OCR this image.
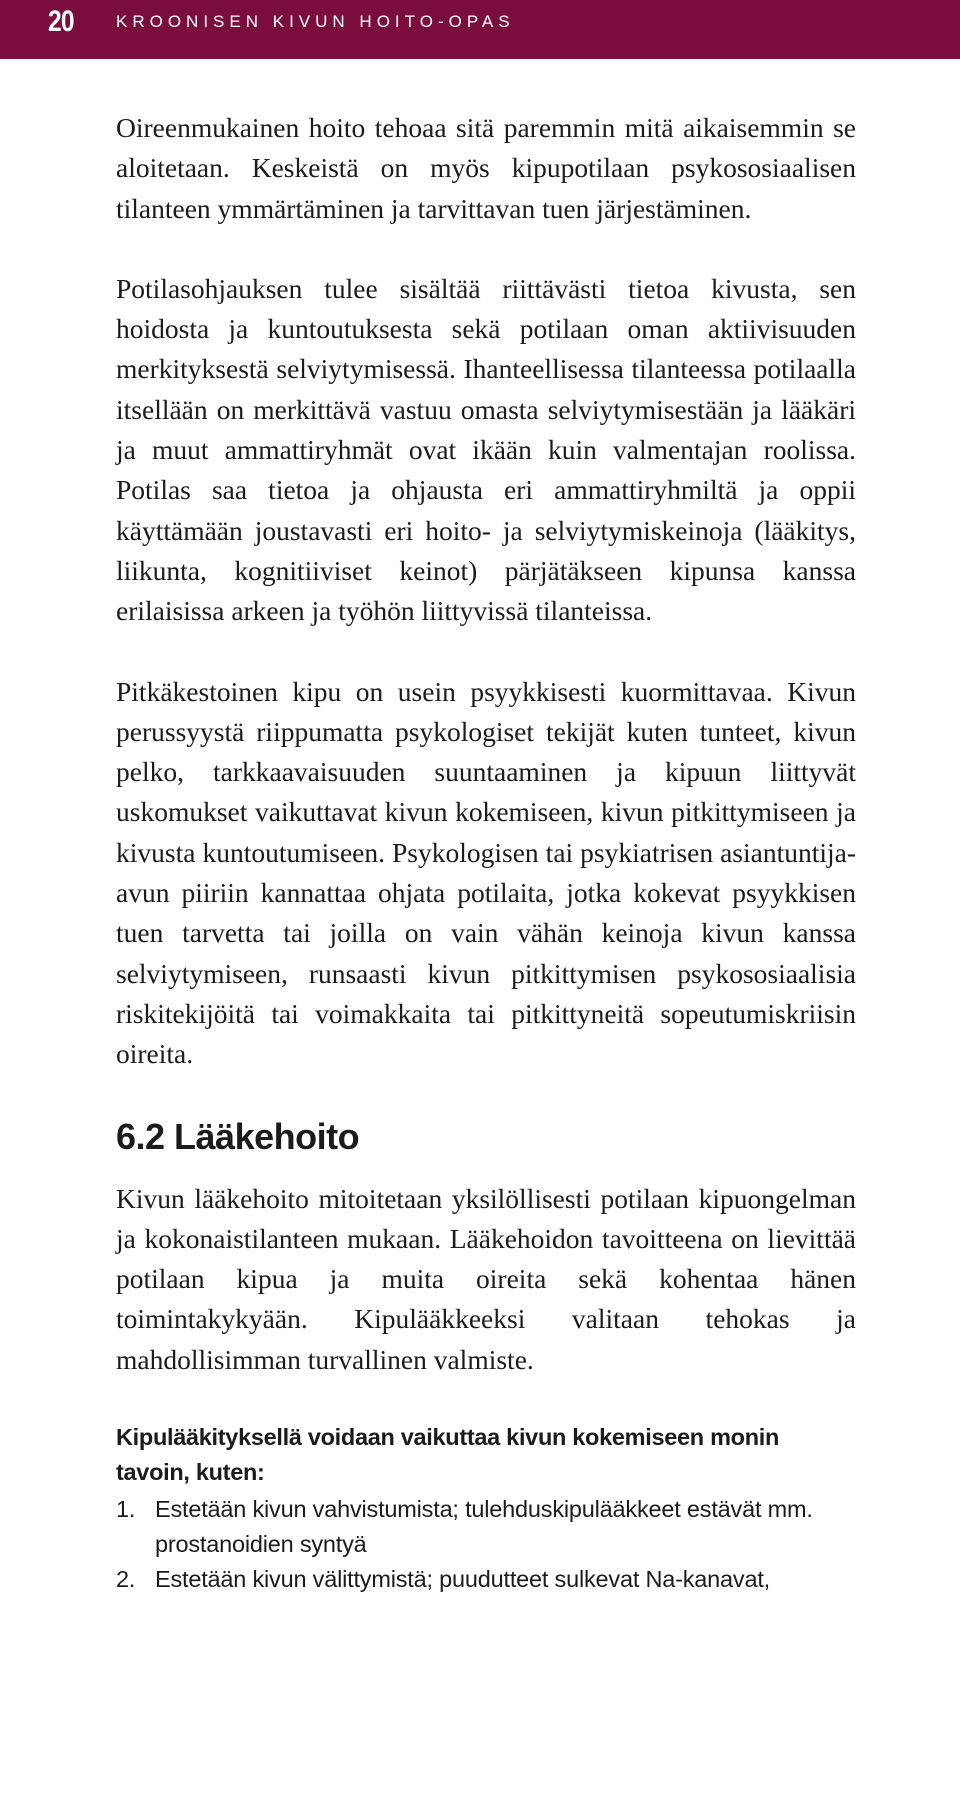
20 KROONISEN KIVUN HOITO-OPAS

Oireenmukainen hoito tehoaa sitä paremmin mitä aikaisemmin se aloitetaan. Keskeistä on myös kipupotilaan psykososiaalisen tilanteen ymmärtäminen ja tarvittavan tuen järjestäminen.

Potilasohjauksen tulee sisältää riittävästi tietoa kivusta, sen hoidosta ja kuntoutuksesta sekä potilaan oman aktiivisuuden merkityksestä selviytymisessä. Ihanteellisessa tilanteessa potilaalla itsellään on merkittävä vastuu omasta selviytymisestään ja lääkäri ja muut ammattiryhmät ovat ikään kuin valmentajan roolissa. Potilas saa tietoa ja ohjausta eri ammattiryhmiltä ja oppii käyttämään joustavasti eri hoito- ja selviytymiskeinoja (lääkitys, liikunta, kognitiiviset keinot) pärjätäkseen kipunsa kanssa erilaisissa arkeen ja työhön liittyvissä tilanteissa.

Pitkäkestoinen kipu on usein psyykkisesti kuormittavaa. Kivun perussyystä riippumatta psykologiset tekijät kuten tunteet, kivun pelko, tarkkaavaisuuden suuntaaminen ja kipuun liittyvät uskomukset vaikuttavat kivun kokemiseen, kivun pitkittymiseen ja kivusta kuntoutumiseen. Psykologisen tai psykiatrisen asiantuntija-avun piiriin kannattaa ohjata potilaita, jotka kokevat psyykkisen tuen tarvetta tai joilla on vain vähän keinoja kivun kanssa selviytymiseen, runsaasti kivun pitkittymisen psykososiaalisia riskitekijöitä tai voimakkaita tai pitkittyneitä sopeutumiskriisin oireita.

6.2 Lääkehoito

Kivun lääkehoito mitoitetaan yksilöllisesti potilaan kipuongelman ja kokonaistilanteen mukaan. Lääkehoidon tavoitteena on lievittää potilaan kipua ja muita oireita sekä kohentaa hänen toimintakykyään. Kipulääkkeeksi valitaan tehokas ja mahdollisimman turvallinen valmiste.

Kipulääkityksellä voidaan vaikuttaa kivun kokemiseen monin tavoin, kuten:
1. Estetään kivun vahvistumista; tulehduskipulääkkeet estävät mm. prostanoidien syntyä
2. Estetään kivun välittymistä; puudutteet sulkevat Na-kanavat,
